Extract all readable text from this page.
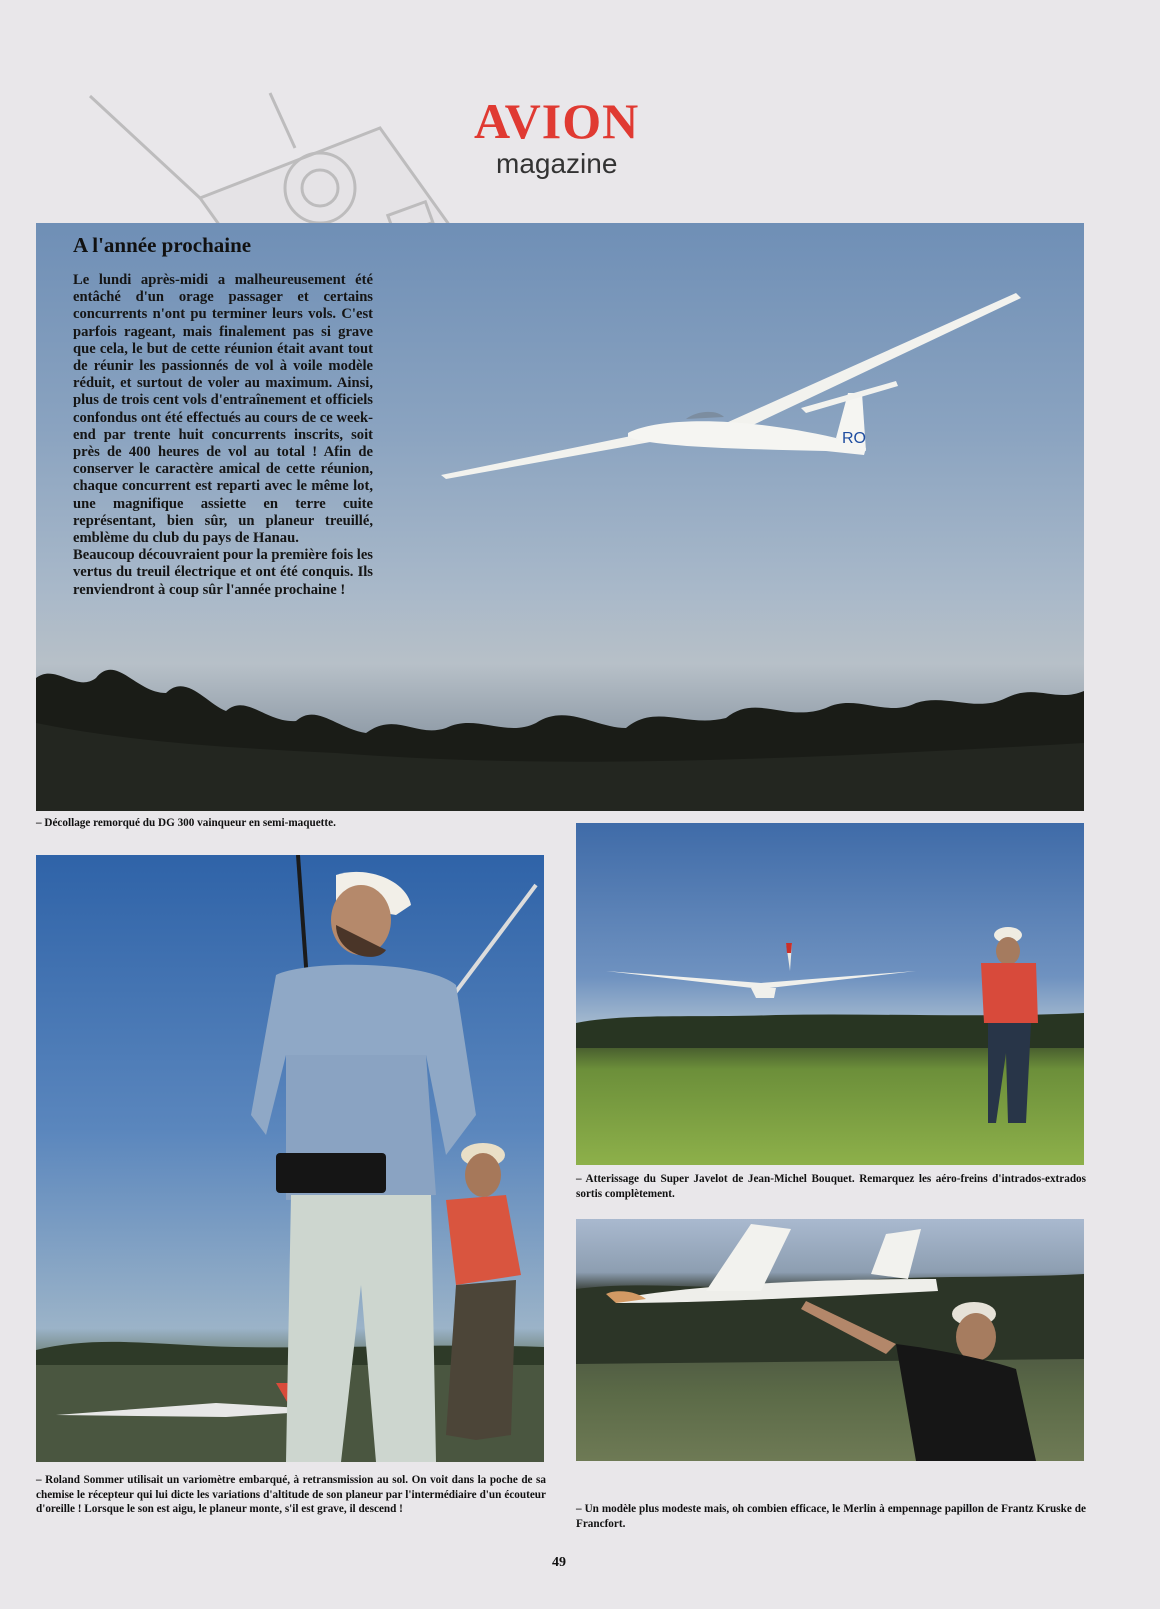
AVION
magazine
RO
A l'année prochaine

Le lundi après-midi a malheureusement été entâché d'un orage passager et certains concurrents n'ont pu terminer leurs vols. C'est parfois rageant, mais finalement pas si grave que cela, le but de cette réunion était avant tout de réunir les passionnés de vol à voile modèle réduit, et surtout de voler au maximum. Ainsi, plus de trois cent vols d'entraînement et officiels confondus ont été effectués au cours de ce week-end par trente huit concurrents inscrits, soit près de 400 heures de vol au total ! Afin de conserver le caractère amical de cette réunion, chaque concurrent est reparti avec le même lot, une magnifique assiette en terre cuite représentant, bien sûr, un planeur treuillé, emblème du club du pays de Hanau.

Beaucoup découvraient pour la première fois les vertus du treuil électrique et ont été conquis. Ils renviendront à coup sûr l'année prochaine !

– Décollage remorqué du DG 300 vainqueur en semi-maquette.
– Roland Sommer utilisait un variomètre embarqué, à retransmission au sol. On voit dans la poche de sa chemise le récepteur qui lui dicte les variations d'altitude de son planeur par l'intermédiaire d'un écouteur d'oreille ! Lorsque le son est aigu, le planeur monte, s'il est grave, il descend !
– Atterissage du Super Javelot de Jean-Michel Bouquet. Remarquez les aéro-freins d'intrados-extrados sortis complètement.
– Un modèle plus modeste mais, oh combien efficace, le Merlin à empennage papillon de Frantz Kruske de Francfort.
49
